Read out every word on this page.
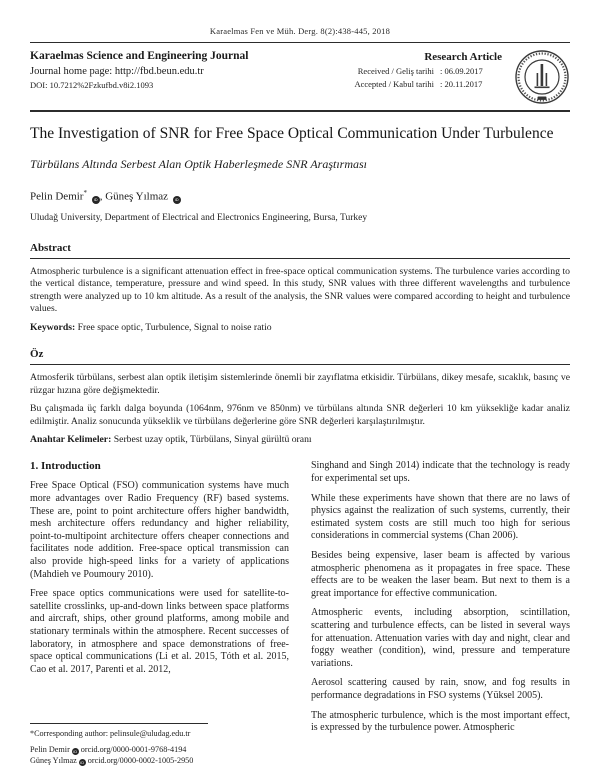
Karaelmas Fen ve Müh. Derg. 8(2):438-445, 2018
Karaelmas Science and Engineering Journal
Journal home page: http://fbd.beun.edu.tr
DOI: 10.7212%2Fzkufbd.v8i2.1093
Research Article
Received / Geliş tarihi : 06.09.2017
Accepted / Kabul tarihi : 20.11.2017
The Investigation of SNR for Free Space Optical Communication Under Turbulence
Türbülans Altında Serbest Alan Optik Haberleşmede SNR Araştırması
Pelin Demir* iD , Güneş Yılmaz iD
Uludağ University, Department of Electrical and Electronics Engineering, Bursa, Turkey
Abstract
Atmospheric turbulence is a significant attenuation effect in free-space optical communication systems. The turbulence varies according to the vertical distance, temperature, pressure and wind speed. In this study, SNR values with three different wavelengths and turbulence strength were analyzed up to 10 km altitude. As a result of the analysis, the SNR values were compared according to height and turbulence values.
Keywords: Free space optic, Turbulence, Signal to noise ratio
Öz
Atmosferik türbülans, serbest alan optik iletişim sistemlerinde önemli bir zayıflatma etkisidir. Türbülans, dikey mesafe, sıcaklık, basınç ve rüzgar hızına göre değişmektedir.
Bu çalışmada üç farklı dalga boyunda (1064nm, 976nm ve 850nm) ve türbülans altında SNR değerleri 10 km yüksekliğe kadar analiz edilmiştir. Analiz sonucunda yükseklik ve türbülans değerlerine göre SNR değerleri karşılaştırılmıştır.
Anahtar Kelimeler: Serbest uzay optik, Türbülans, Sinyal gürültü oranı
1. Introduction
Free Space Optical (FSO) communication systems have much more advantages over Radio Frequency (RF) based systems. These are, point to point architecture offers higher bandwidth, mesh architecture offers redundancy and higher reliability, point-to-multipoint architecture offers cheaper connections and facilitates node addition. Free-space optical transmission can also provide high-speed links for a variety of applications (Mahdieh ve Poumoury 2010).
Free space optics communications were used for satellite-to-satellite crosslinks, up-and-down links between space platforms and aircraft, ships, other ground platforms, among mobile and stationary terminals within the atmosphere. Recent successes of laboratory, in atmosphere and space demonstrations of free-space optical communications (Li et al. 2015, Tóth et al. 2015, Cao et al. 2017, Parenti et al. 2012,
*Corresponding author: pelinsule@uludag.edu.tr
Pelin Demir iD orcid.org/0000-0001-9768-4194
Güneş Yılmaz iD orcid.org/0000-0002-1005-2950
Singhand and Singh 2014) indicate that the technology is ready for experimental set ups.
While these experiments have shown that there are no laws of physics against the realization of such systems, currently, their estimated system costs are still much too high for serious considerations in commercial systems (Chan 2006).
Besides being expensive, laser beam is affected by various atmospheric phenomena as it propagates in free space. These effects are to be weaken the laser beam. But next to them is a great importance for effective communication.
Atmospheric events, including absorption, scintillation, scattering and turbulence effects, can be listed in several ways for attenuation. Attenuation varies with day and night, clear and foggy weather (condition), wind, pressure and temperature variations.
Aerosol scattering caused by rain, snow, and fog results in performance degradations in FSO systems (Yüksel 2005).
The atmospheric turbulence, which is the most important effect, is expressed by the turbulence power. Atmospheric
